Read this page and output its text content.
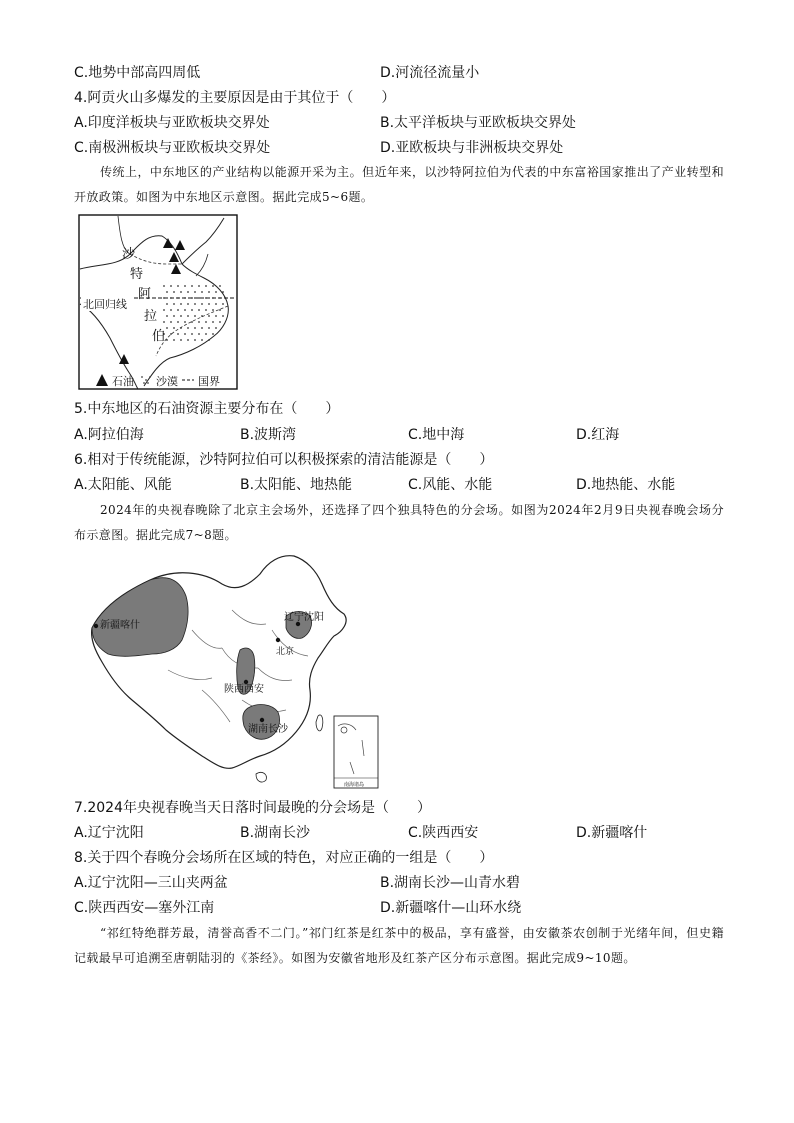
C.地势中部高四周低	D.河流径流量小
4.阿贡火山多爆发的主要原因是由于其位于（　　）
A.印度洋板块与亚欧板块交界处	B.太平洋板块与亚欧板块交界处
C.南极洲板块与亚欧板块交界处	D.亚欧板块与非洲板块交界处
传统上，中东地区的产业结构以能源开采为主。但近年来，以沙特阿拉伯为代表的中东富裕国家推出了产业转型和开放政策。如图为中东地区示意图。据此完成5~6题。
北回归线
沙
特
阿
拉
伯
石油 沙漠 国界
5.中东地区的石油资源主要分布在（　　）
A.阿拉伯海	B.波斯湾	C.地中海	D.红海
6.相对于传统能源，沙特阿拉伯可以积极探索的清洁能源是（　　）
A.太阳能、风能	B.太阳能、地热能	C.风能、水能	D.地热能、水能
2024年的央视春晚除了北京主会场外，还选择了四个独具特色的分会场。如图为2024年2月9日央视春晚会场分布示意图。据此完成7~8题。
新疆喀什
辽宁沈阳
北京
陕西西安
湖南长沙
南海诸岛
7.2024年央视春晚当天日落时间最晚的分会场是（　　）
A.辽宁沈阳	B.湖南长沙	C.陕西西安	D.新疆喀什
8.关于四个春晚分会场所在区域的特色，对应正确的一组是（　　）
A.辽宁沈阳—三山夹两盆	B.湖南长沙—山青水碧
C.陕西西安—塞外江南	D.新疆喀什—山环水绕
“祁红特绝群芳最，清誉高香不二门。”祁门红茶是红茶中的极品，享有盛誉，由安徽茶农创制于光绪年间，但史籍记载最早可追溯至唐朝陆羽的《茶经》。如图为安徽省地形及红茶产区分布示意图。据此完成9~10题。
